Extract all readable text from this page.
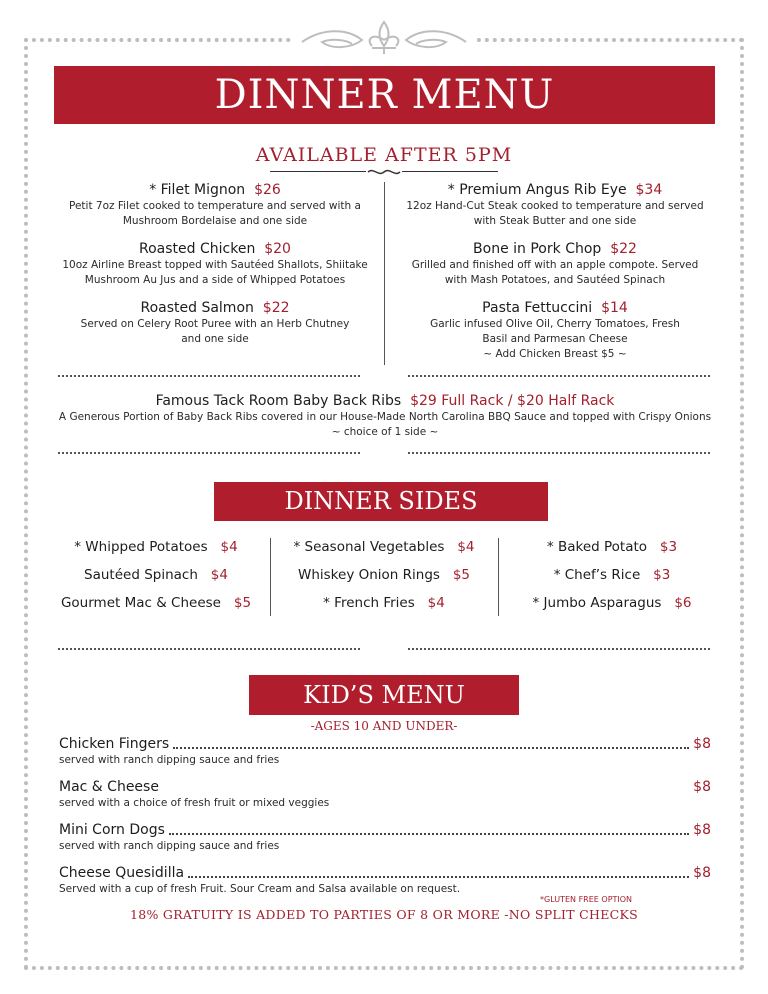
DINNER MENU
AVAILABLE AFTER 5PM
* Filet Mignon $26
Petit 7oz Filet cooked to temperature and served with a Mushroom Bordelaise and one side
Roasted Chicken $20
10oz Airline Breast topped with Sautéed Shallots, Shiitake Mushroom Au Jus and a side of Whipped Potatoes
Roasted Salmon $22
Served on Celery Root Puree with an Herb Chutney and one side
* Premium Angus Rib Eye $34
12oz Hand-Cut Steak cooked to temperature and served with Steak Butter and one side
Bone in Pork Chop $22
Grilled and finished off with an apple compote. Served with Mash Potatoes, and Sautéed Spinach
Pasta Fettuccini $14
Garlic infused Olive Oil, Cherry Tomatoes, Fresh Basil and Parmesan Cheese
~ Add Chicken Breast $5 ~
Famous Tack Room Baby Back Ribs $29 Full Rack / $20 Half Rack
A Generous Portion of Baby Back Ribs covered in our House-Made North Carolina BBQ Sauce and topped with Crispy Onions
~ choice of 1 side ~
DINNER SIDES
* Whipped Potatoes $4
Sautéed Spinach $4
Gourmet Mac & Cheese $5
* Seasonal Vegetables $4
Whiskey Onion Rings $5
* French Fries $4
* Baked Potato $3
* Chef’s Rice $3
* Jumbo Asparagus $6
KID’S MENU
-AGES 10 AND UNDER-
Chicken Fingers	$8
served with ranch dipping sauce and fries
Mac & Cheese	$8
served with a choice of fresh fruit or mixed veggies
Mini Corn Dogs	$8
served with ranch dipping sauce and fries
Cheese Quesidilla	$8
Served with a cup of fresh Fruit. Sour Cream and Salsa available on request.
*GLUTEN FREE OPTION
18% GRATUITY IS ADDED TO PARTIES OF 8 OR MORE -NO SPLIT CHECKS
